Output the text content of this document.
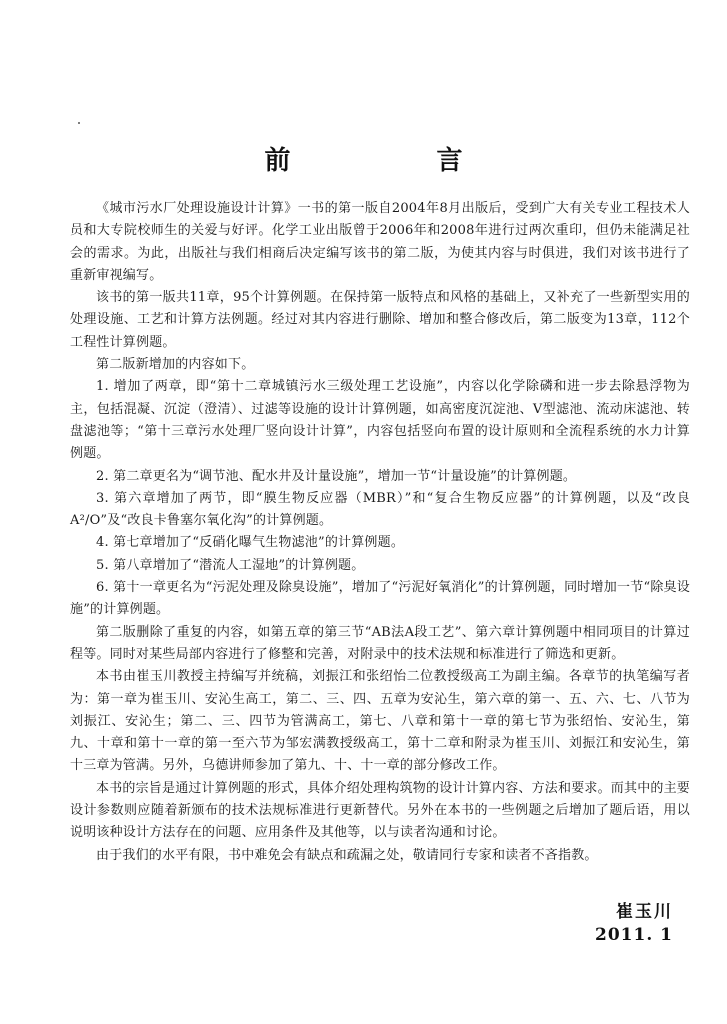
前　言

《城市污水厂处理设施设计计算》一书的第一版自2004年8月出版后，受到广大有关专业工程技术人员和大专院校师生的关爱与好评。化学工业出版曾于2006年和2008年进行过两次重印，但仍未能满足社会的需求。为此，出版社与我们相商后决定编写该书的第二版，为使其内容与时俱进，我们对该书进行了重新审视编写。

该书的第一版共11章，95个计算例题。在保持第一版特点和风格的基础上，又补充了一些新型实用的处理设施、工艺和计算方法例题。经过对其内容进行删除、增加和整合修改后，第二版变为13章，112个工程性计算例题。

第二版新增加的内容如下。

1. 增加了两章，即“第十二章城镇污水三级处理工艺设施”，内容以化学除磷和进一步去除悬浮物为主，包括混凝、沉淀（澄清）、过滤等设施的设计计算例题，如高密度沉淀池、V型滤池、流动床滤池、转盘滤池等；“第十三章污水处理厂竖向设计计算”，内容包括竖向布置的设计原则和全流程系统的水力计算例题。

2. 第二章更名为“调节池、配水井及计量设施”，增加一节“计量设施”的计算例题。

3. 第六章增加了两节，即“膜生物反应器（MBR）”和“复合生物反应器”的计算例题，以及“改良A²/O”及“改良卡鲁塞尔氧化沟”的计算例题。

4. 第七章增加了“反硝化曝气生物滤池”的计算例题。

5. 第八章增加了“潜流人工湿地”的计算例题。

6. 第十一章更名为“污泥处理及除臭设施”，增加了“污泥好氧消化”的计算例题，同时增加一节“除臭设施”的计算例题。

第二版删除了重复的内容，如第五章的第三节“AB法A段工艺”、第六章计算例题中相同项目的计算过程等。同时对某些局部内容进行了修整和完善，对附录中的技术法规和标准进行了筛选和更新。

本书由崔玉川教授主持编写并统稿，刘振江和张绍怡二位教授级高工为副主编。各章节的执笔编写者为：第一章为崔玉川、安沁生高工，第二、三、四、五章为安沁生，第六章的第一、五、六、七、八节为刘振江、安沁生；第二、三、四节为管满高工，第七、八章和第十一章的第七节为张绍怡、安沁生，第九、十章和第十一章的第一至六节为邹宏满教授级高工，第十二章和附录为崔玉川、刘振江和安沁生，第十三章为管满。另外，乌德讲师参加了第九、十、十一章的部分修改工作。

本书的宗旨是通过计算例题的形式，具体介绍处理构筑物的设计计算内容、方法和要求。而其中的主要设计参数则应随着新颁布的技术法规标准进行更新替代。另外在本书的一些例题之后增加了题后语，用以说明该种设计方法存在的问题、应用条件及其他等，以与读者沟通和讨论。

由于我们的水平有限，书中难免会有缺点和疏漏之处，敬请同行专家和读者不吝指教。

崔玉川
2011. 1
